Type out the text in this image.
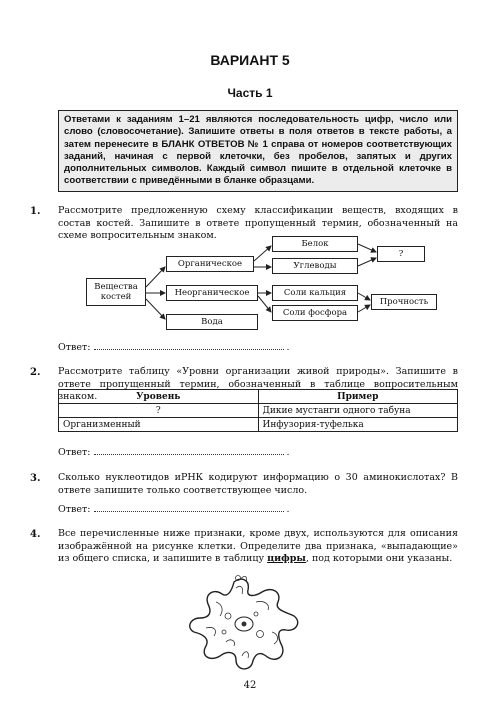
ВАРИАНТ 5
Часть 1
Ответами к заданиям 1–21 являются последовательность цифр, число или слово (словосочетание). Запишите ответы в поля ответов в тексте работы, а затем перенесите в БЛАНК ОТВЕТОВ № 1 справа от номеров соответствующих заданий, начиная с первой клеточки, без пробелов, запятых и других дополнительных символов. Каждый символ пишите в отдельной клеточке в соответствии с приведёнными в бланке образцами.
1. Рассмотрите предложенную схему классификации веществ, входящих в состав костей. Запишите в ответе пропущенный термин, обозначенный на схеме вопросительным знаком.
Вещества костей
Органическое
Неорганическое
Вода
Белок
Углеводы
?
Соли кальция
Соли фосфора
Прочность
Ответ:	.
2. Рассмотрите таблицу «Уровни организации живой природы». Запишите в ответе пропущенный термин, обозначенный в таблице вопросительным знаком.	Уровень	Пример
?	Дикие мустанги одного табуна
Организменный	Инфузория-туфелька
Ответ:	.
3. Сколько нуклеотидов иРНК кодируют информацию о 30 аминокислотах? В ответе запишите только соответствующее число.
Ответ:	.
4. Все перечисленные ниже признаки, кроме двух, используются для описания изображённой на рисунке клетки. Определите два признака, «выпадающие» из общего списка, и запишите в таблицу цифры, под которыми они указаны.
42
